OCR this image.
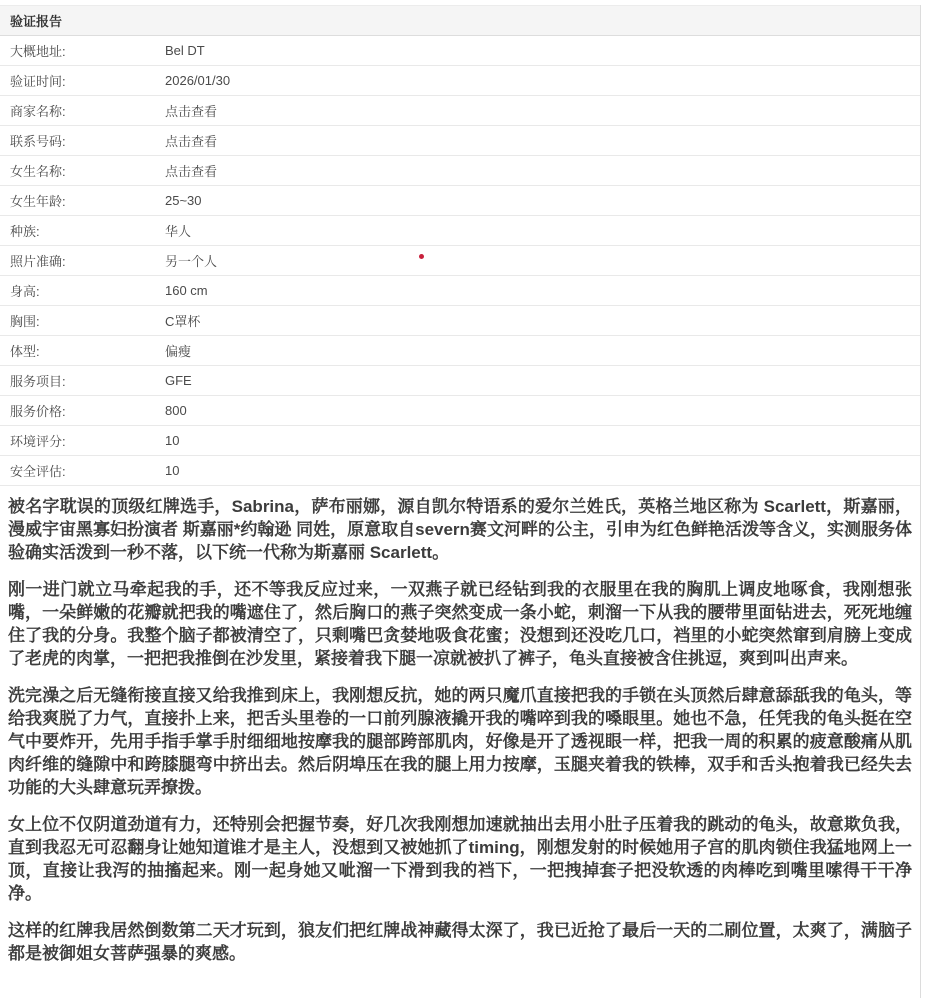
验证报告
大概地址:	Bel DT
验证时间:	2026/01/30
商家名称:	点击查看
联系号码:	点击查看
女生名称:	点击查看
女生年龄:	25~30
种族:	华人
照片准确:	另一个人
身高:	160 cm
胸围:	C罩杯
体型:	偏瘦
服务项目:	GFE
服务价格:	800
环境评分:	10
安全评估:	10

被名字耽误的顶级红牌选手，Sabrina，萨布丽娜，源自凯尔特语系的爱尔兰姓氏，英格兰地区称为 Scarlett，斯嘉丽，漫威宇宙黑寡妇扮演者 斯嘉丽*约翰逊 同姓，原意取自severn赛文河畔的公主，引申为红色鲜艳活泼等含义，实测服务体验确实活泼到一秒不落，以下统一代称为斯嘉丽 Scarlett。

刚一进门就立马牵起我的手，还不等我反应过来，一双燕子就已经钻到我的衣服里在我的胸肌上调皮地啄食，我刚想张嘴，一朵鲜嫩的花瓣就把我的嘴遮住了，然后胸口的燕子突然变成一条小蛇，刺溜一下从我的腰带里面钻进去，死死地缠住了我的分身。我整个脑子都被清空了，只剩嘴巴贪婪地吸食花蜜；没想到还没吃几口，裆里的小蛇突然窜到肩膀上变成了老虎的肉掌，一把把我推倒在沙发里，紧接着我下腿一凉就被扒了裤子，龟头直接被含住挑逗，爽到叫出声来。

洗完澡之后无缝衔接直接又给我推到床上，我刚想反抗，她的两只魔爪直接把我的手锁在头顶然后肆意舔舐我的龟头，等给我爽脱了力气，直接扑上来，把舌头里卷的一口前列腺液撬开我的嘴啐到我的嗓眼里。她也不急，任凭我的龟头挺在空气中要炸开，先用手指手掌手肘细细地按摩我的腿部跨部肌肉，好像是开了透视眼一样，把我一周的积累的疲意酸痛从肌肉纤维的缝隙中和跨膝腿弯中挤出去。然后阴埠压在我的腿上用力按摩，玉腿夹着我的铁棒，双手和舌头抱着我已经失去功能的大头肆意玩弄撩拨。

女上位不仅阴道劲道有力，还特别会把握节奏，好几次我刚想加速就抽出去用小肚子压着我的跳动的龟头，故意欺负我，直到我忍无可忍翻身让她知道谁才是主人，没想到又被她抓了timing，刚想发射的时候她用子宫的肌肉锁住我猛地网上一顶，直接让我泻的抽搐起来。刚一起身她又呲溜一下滑到我的裆下，一把拽掉套子把没软透的肉棒吃到嘴里嗦得干干净净。

这样的红牌我居然倒数第二天才玩到，狼友们把红牌战神藏得太深了，我已近抢了最后一天的二刷位置，太爽了，满脑子都是被御姐女菩萨强暴的爽感。
